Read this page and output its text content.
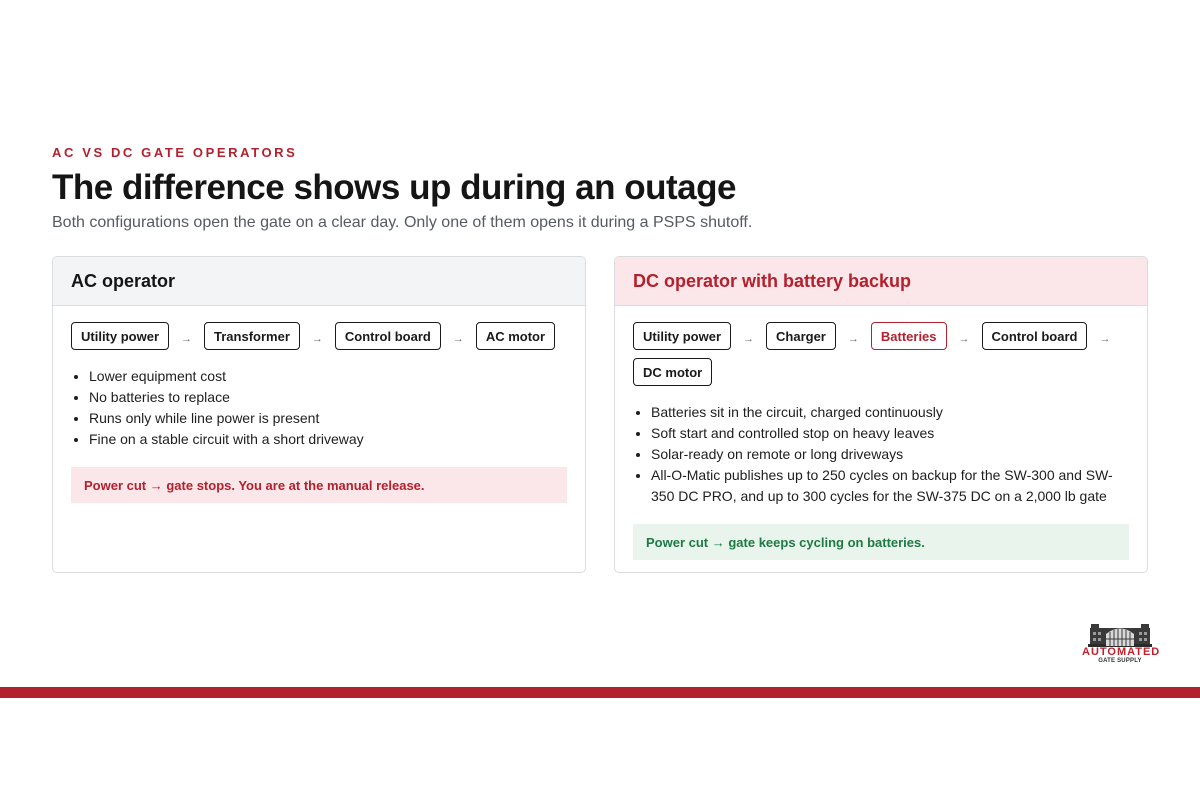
AC VS DC GATE OPERATORS
The difference shows up during an outage

Both configurations open the gate on a clear day. Only one of them opens it during a PSPS shutoff.

AC operator
Utility power	→	Transformer	→	Control board	→	AC motor
• Lower equipment cost
• No batteries to replace
• Runs only while line power is present
• Fine on a stable circuit with a short driveway
Power cut → gate stops. You are at the manual release.
DC operator with battery backup
Utility power	→	Charger	→	Batteries	→	Control board	→
DC motor
• Batteries sit in the circuit, charged continuously
• Soft start and controlled stop on heavy leaves
• Solar-ready on remote or long driveways
• All-O-Matic publishes up to 250 cycles on backup for the SW-300 and SW-350 DC PRO, and up to 300 cycles for the SW-375 DC on a 2,000 lb gate
Power cut → gate keeps cycling on batteries.
AUTOMATED
GATE SUPPLY
